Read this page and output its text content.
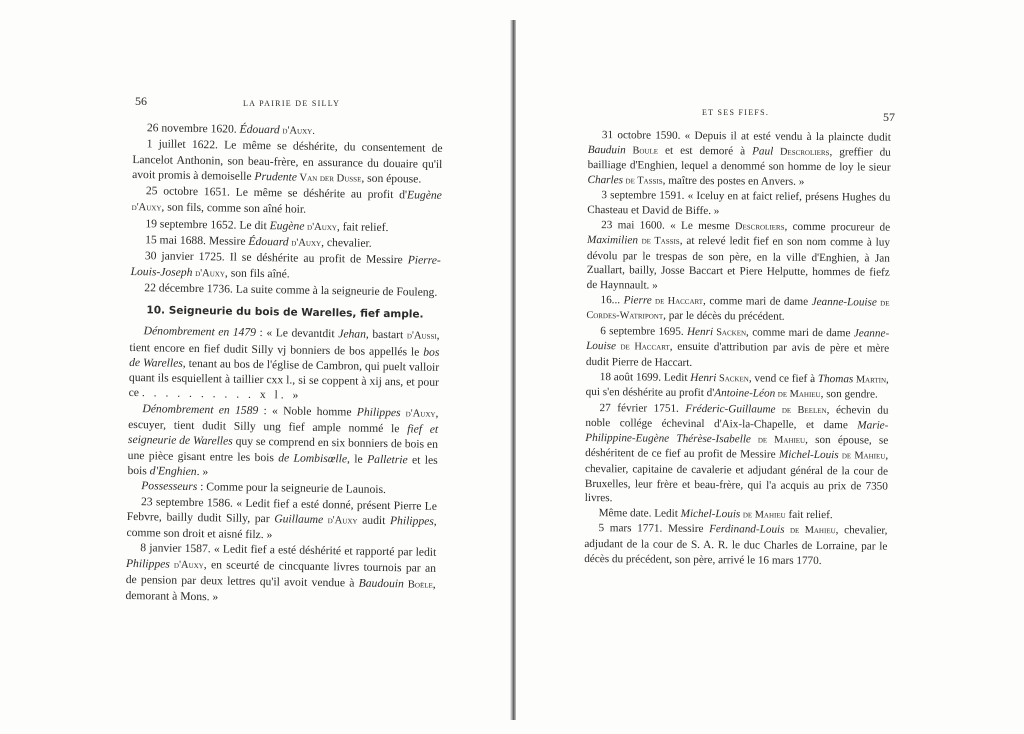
56	LA PAIRIE DE SILLY

26 novembre 1620. Édouard d'Auxy.

1 juillet 1622. Le même se déshérite, du consentement de Lancelot Anthonin, son beau-frère, en assurance du douaire qu'il avoit promis à demoiselle Prudente Van der Dusse, son épouse.

25 octobre 1651. Le même se déshérite au profit d'Eugène d'Auxy, son fils, comme son aîné hoir.

19 septembre 1652. Le dit Eugène d'Auxy, fait relief.

15 mai 1688. Messire Édouard d'Auxy, chevalier.

30 janvier 1725. Il se déshérite au profit de Messire Pierre-Louis-Joseph d'Auxy, son fils aîné.

22 décembre 1736. La suite comme à la seigneurie de Fouleng.

10. Seigneurie du bois de Warelles, fief ample.

Dénombrement en 1479 : « Le devantdit Jehan, bastart d'Aussi, tient encore en fief dudit Silly vj bonniers de bos appellés le bos de Warelles, tenant au bos de l'église de Cambron, qui puelt valloir quant ils esquiellent à taillier cxx l., si se coppent à xij ans, et pour ce . . . . . . . . . . x l. »

Dénombrement en 1589 : « Noble homme Philippes d'Auxy, escuyer, tient dudit Silly ung fief ample nommé le fief et seigneurie de Warelles quy se comprend en six bonniers de bois en une pièce gisant entre les bois de Lombisœlle, le Palletrie et les bois d'Enghien. »

Possesseurs : Comme pour la seigneurie de Launois.

23 septembre 1586. « Ledit fief a esté donné, présent Pierre Le Febvre, bailly dudit Silly, par Guillaume d'Auxy audit Philippes, comme son droit et aisné filz. »

8 janvier 1587. « Ledit fief a esté déshérité et rapporté par ledit Philippes d'Auxy, en sceurté de cincquante livres tournois par an de pension par deux lettres qu'il avoit vendue à Baudouin Boële, demorant à Mons. »

ET SES FIEFS.	57

31 octobre 1590. « Depuis il at esté vendu à la plaincte dudit Bauduin Boule et est demoré à Paul Descroliers, greffier du bailliage d'Enghien, lequel a denommé son homme de loy le sieur Charles de Tassis, maître des postes en Anvers. »

3 septembre 1591. « Iceluy en at faict relief, présens Hughes du Chasteau et David de Biffe. »

23 mai 1600. « Le mesme Descroliers, comme procureur de Maximilien de Tassis, at relevé ledit fief en son nom comme à luy dévolu par le trespas de son père, en la ville d'Enghien, à Jan Zuallart, bailly, Josse Baccart et Piere Helputte, hommes de fiefz de Haynnault. »

16... Pierre de Haccart, comme mari de dame Jeanne-Louise de Cordes-Watripont, par le décès du précédent.

6 septembre 1695. Henri Sacken, comme mari de dame Jeanne-Louise de Haccart, ensuite d'attribution par avis de père et mère dudit Pierre de Haccart.

18 août 1699. Ledit Henri Sacken, vend ce fief à Thomas Martin, qui s'en déshérite au profit d'Antoine-Léon de Mahieu, son gendre.

27 février 1751. Fréderic-Guillaume de Beelen, échevin du noble collége échevinal d'Aix-la-Chapelle, et dame Marie-Philippine-Eugène Thérèse-Isabelle de Mahieu, son épouse, se déshéritent de ce fief au profit de Messire Michel-Louis de Mahieu, chevalier, capitaine de cavalerie et adjudant général de la cour de Bruxelles, leur frère et beau-frère, qui l'a acquis au prix de 7350 livres.

Même date. Ledit Michel-Louis de Mahieu fait relief.

5 mars 1771. Messire Ferdinand-Louis de Mahieu, chevalier, adjudant de la cour de S. A. R. le duc Charles de Lorraine, par le décès du précédent, son père, arrivé le 16 mars 1770.
